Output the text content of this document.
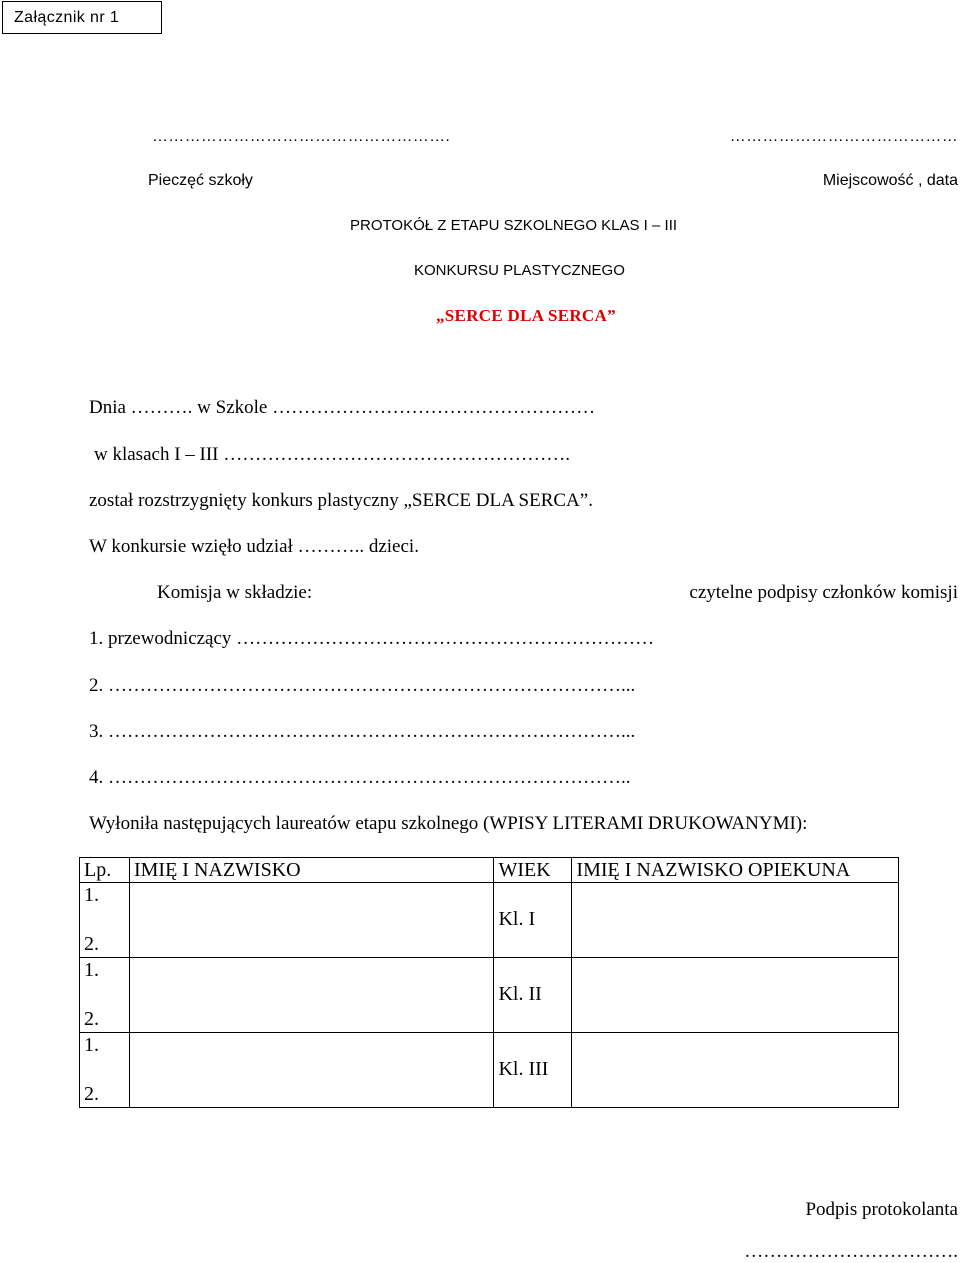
Załącznik nr 1
……………………………………………….	……………………………………
Pieczęć szkoły	Miejscowość , data
PROTOKÓŁ Z ETAPU SZKOLNEGO KLAS I – III
KONKURSU PLASTYCZNEGO
„SERCE DLA SERCA”
Dnia ………. w Szkole ……………………………………………
w klasach I – III ……………………………………………….
został rozstrzygnięty konkurs plastyczny „SERCE DLA SERCA”.
W konkursie wzięło udział ……….. dzieci.
Komisja w składzie:	czytelne podpisy członków komisji
1. przewodniczący …………………………………………………………
2. ………………………………………………………………………...
3. ………………………………………………………………………...
4. ………………………………………………………………………..
Wyłoniła następujących laureatów etapu szkolnego (WPISY LITERAMI DRUKOWANYMI):
Lp.	IMIĘ I NAZWISKO	WIEK	IMIĘ I NAZWISKO OPIEKUNA

1.
2.		Kl. I	

1.
2.		Kl. II	

1.
2.		Kl. III	

Podpis protokolanta
…………………………….
